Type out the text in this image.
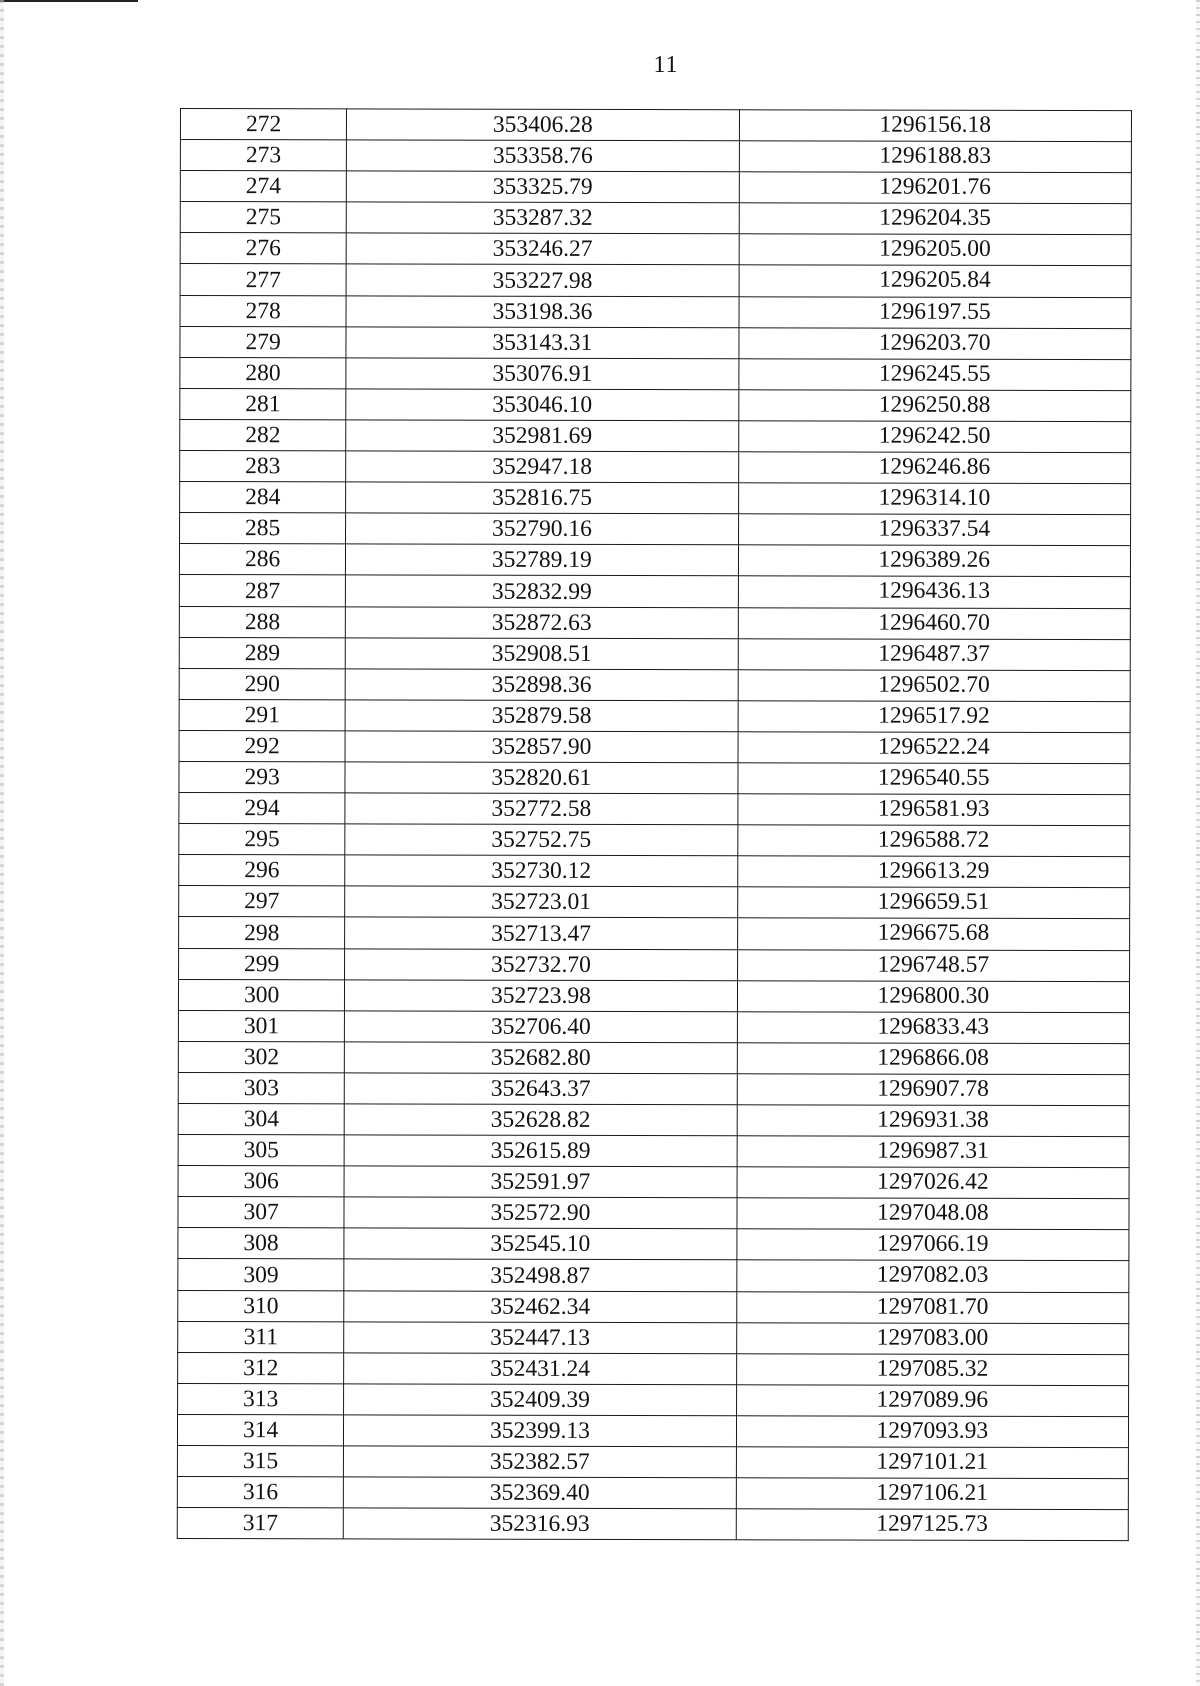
11
272	353406.28	1296156.18
273	353358.76	1296188.83
274	353325.79	1296201.76
275	353287.32	1296204.35
276	353246.27	1296205.00
277	353227.98	1296205.84
278	353198.36	1296197.55
279	353143.31	1296203.70
280	353076.91	1296245.55
281	353046.10	1296250.88
282	352981.69	1296242.50
283	352947.18	1296246.86
284	352816.75	1296314.10
285	352790.16	1296337.54
286	352789.19	1296389.26
287	352832.99	1296436.13
288	352872.63	1296460.70
289	352908.51	1296487.37
290	352898.36	1296502.70
291	352879.58	1296517.92
292	352857.90	1296522.24
293	352820.61	1296540.55
294	352772.58	1296581.93
295	352752.75	1296588.72
296	352730.12	1296613.29
297	352723.01	1296659.51
298	352713.47	1296675.68
299	352732.70	1296748.57
300	352723.98	1296800.30
301	352706.40	1296833.43
302	352682.80	1296866.08
303	352643.37	1296907.78
304	352628.82	1296931.38
305	352615.89	1296987.31
306	352591.97	1297026.42
307	352572.90	1297048.08
308	352545.10	1297066.19
309	352498.87	1297082.03
310	352462.34	1297081.70
311	352447.13	1297083.00
312	352431.24	1297085.32
313	352409.39	1297089.96
314	352399.13	1297093.93
315	352382.57	1297101.21
316	352369.40	1297106.21
317	352316.93	1297125.73
